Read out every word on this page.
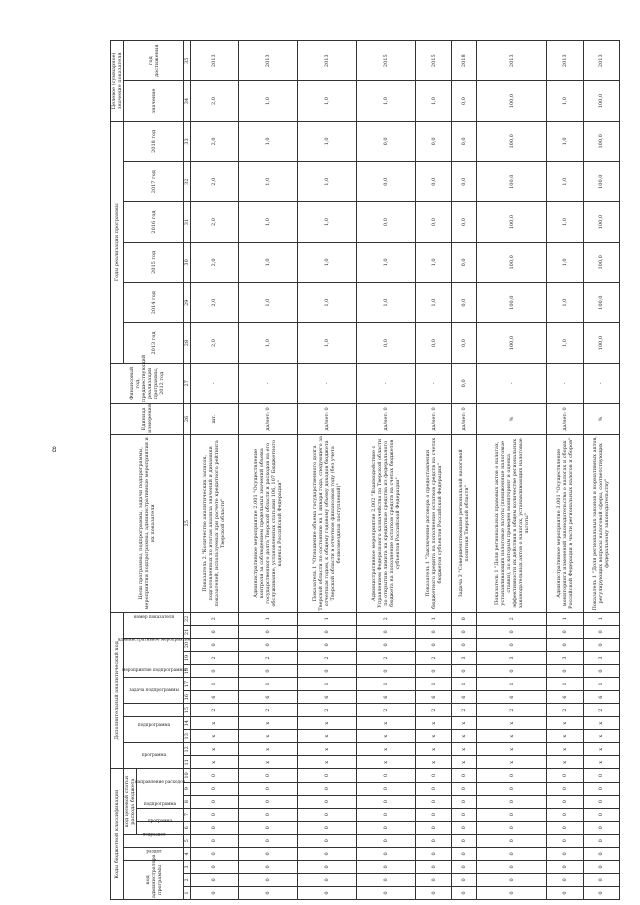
8
Коды бюджетной классификации										Дополнительный аналитический код												Цели программы, подпрограммы, задачи подпрограммы, мероприятия подпрограммы, административные мероприятия и их показатели	Единица измерения	Финансовый год, предшествующий реализации программы, 2012 год	Годы реализации программы						Целевое (суммарное) значение показателя	
код администратора программы			раздел	подраздел	код целевой статьи расхода бюджета					программа		подпрограмма		задача подпрограммы	мероприятие подпрограммы		административное мероприятие			номер показателя					2013 год	2014 год	2015 год	2016 год	2017 год	2018 год	значение	год достижения
					программа	подпрограмма	направление расходов																									
1	2	3	4	5	6	7	8	9	10	11	12	13	14	15	16	17	18	19	20	21	22	25	26	27	28	29	30	31	32	33	34	35
0	0	0	0	0	0	0	0	0	0	х	х	х	х	2	6	1	0	2	0	0	2	Показатель 2 "Количество аналитических записок, подготовленных по итогам анализа значений и динамики показателей, используемых при расчете кредитного рейтинга Тверской области"	шт.	-	2,0	2,0	2,0	2,0	2,0	2,0	2,0	2013
0	0	0	0	0	0	0	0	0	0	х	х	х	х	2	6	1	0	2	0	0	1	Административное мероприятие 2.001 "Осуществление контроля за соблюдением предельных значений объема государственного долга Тверской области и расходов на его обслуживание, установленных статьями 106, 107 Бюджетного кодекса Российской Федерации"	да/нет: 0	-	1,0	1,0	1,0	1,0	1,0	1,0	1,0	2013
0	0	0	0	0	0	0	0	0	0	х	х	х	х	2	6	1	0	2	0	0	1	Показатель 1 "Отношение объема государственного долга Тверской области по состоянию на 1 января года, следующего за отчетным годом, к общему годовому объему доходов бюджета Тверской области в отчетном финансовом году (без учета безвозмездных поступлений)"	да/нет: 0	-	1,0	1,0	1,0	1,0	1,0	1,0	1,0	2013
0	0	0	0	0	0	0	0	0	0	х	х	х	х	2	6	1	0	2	0	0	2	Административное мероприятие 2.002 "Взаимодействие с Управлением Федерального казначейства по Тверской области по открытию лимита на кредитные средства из федерального бюджета на пополнение остатков средств на счетах бюджетов субъектов Российской Федерации"	да/нет: 0	-	0,0	1,0	1,0	0,0	0,0	0,0	1,0	2015
0	0	0	0	0	0	0	0	0	0	х	х	х	х	2	6	1	0	2	0	0	1	Показатель 1 "Заключение договора о предоставлении бюджетного кредита на пополнение остатков средств на счетах бюджетов субъектов Российской Федерации"	да/нет: 0	-	0,0	1,0	1,0	0,0	0,0	0,0	1,0	2015
0	0	0	0	0	0	0	0	0	0	х	х	х	х	2	6	1	0	3	0	0	0	Задача 3 "Совершенствование региональной налоговой политики Тверской области"	да/нет: 0	0,0	0,0	0,0	0,0	0,0	0,0	0,0	0,0	2018
0	0	0	0	0	0	0	0	0	0	х	х	х	х	2	6	1	0	3	0	0	2	Показатель 1 "Доля региональных правовых актов о налогах, устанавливающих налоговые льготы (пониженные налоговые ставки), по которым проведен мониторинг и оценка эффективности их действия в общем количестве региональных законодательных актов о налогах, устанавливающих налоговые льготы"	%	-	100,0	100,0	100,0	100,0	100,0	100,0	100,0	2013
0	0	0	0	0	0	0	0	0	0	х	х	х	х	2	6	1	0	3	0	0	1	Административное мероприятие 3.001 "Осуществление мониторинга изменений законодательства о налогах и сборах Российской Федерации в части региональных налогов и сборов"	да/нет: 0	-	1,0	1,0	1,0	1,0	1,0	1,0	1,0	2013
0	0	0	0	0	0	0	0	0	0	х	х	х	х	2	6	1	0	3	0	0	1	Показатель 1 "Доля региональных законов и нормативных актов, регулирующих вопросы налоговой сферы, соответствующих федеральному законодательству"	%	-	100,0	100,0	100,0	100,0	100,0	100,0	100,0	2013
